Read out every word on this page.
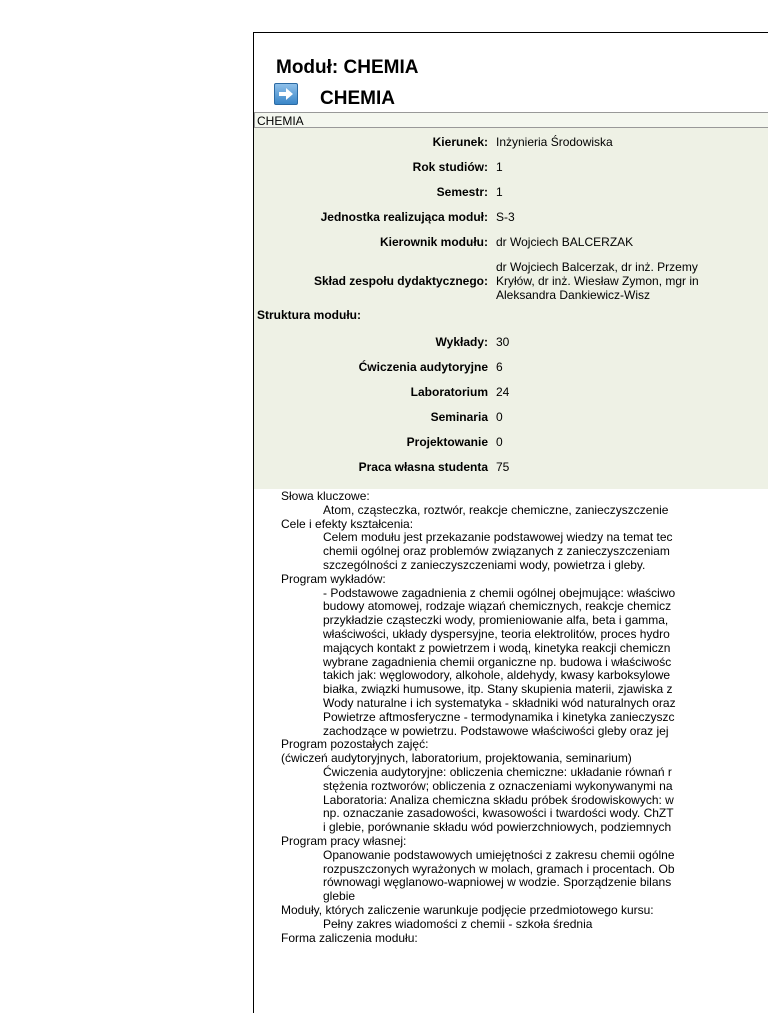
Moduł: CHEMIA
CHEMIA
CHEMIA
Kierunek: Inżynieria Środowiska
Rok studiów: 1
Semestr: 1
Jednostka realizująca moduł: S-3
Kierownik modułu: dr Wojciech BALCERZAK
Skład zespołu dydaktycznego:
dr Wojciech Balcerzak, dr inż. Przemy
Kryłów, dr inż. Wiesław Zymon, mgr in
Aleksandra Dankiewicz-Wisz
Struktura modułu:
Wykłady: 30
Ćwiczenia audytoryjne 6
Laboratorium 24
Seminaria 0
Projektowanie 0
Praca własna studenta 75
Słowa kluczowe:
Atom, cząsteczka, roztwór, reakcje chemiczne, zanieczyszczenie
Cele i efekty kształcenia:
Celem modułu jest przekazanie podstawowej wiedzy na temat tec
chemii ogólnej oraz problemów związanych z zanieczyszczeniam
szczególności z zanieczyszczeniami wody, powietrza i gleby.
Program wykładów:
- Podstawowe zagadnienia z chemii ogólnej obejmujące: właściwo
budowy atomowej, rodzaje wiązań chemicznych, reakcje chemicz
przykładzie cząsteczki wody, promieniowanie alfa, beta i gamma,
właściwości, układy dyspersyjne, teoria elektrolitów, proces hydro
mających kontakt z powietrzem i wodą, kinetyka reakcji chemiczn
wybrane zagadnienia chemii organiczne np. budowa i właściwośc
takich jak: węglowodory, alkohole, aldehydy, kwasy karboksylowe
białka, związki humusowe, itp. Stany skupienia materii, zjawiska z
Wody naturalne i ich systematyka - składniki wód naturalnych oraz
Powietrze aftmosferyczne - termodynamika i kinetyka zanieczyszc
zachodzące w powietrzu. Podstawowe właściwości gleby oraz jej
Program pozostałych zajęć:
(ćwiczeń audytoryjnych, laboratorium, projektowania, seminarium)
Ćwiczenia audytoryjne: obliczenia chemiczne: układanie równań r
stężenia roztworów; obliczenia z oznaczeniami wykonywanymi na
Laboratoria: Analiza chemiczna składu próbek środowiskowych: w
np. oznaczanie zasadowości, kwasowości i twardości wody. ChZT
i glebie, porównanie składu wód powierzchniowych, podziemnych
Program pracy własnej:
Opanowanie podstawowych umiejętności z zakresu chemii ogólne
rozpuszczonych wyrażonych w molach, gramach i procentach. Ob
równowagi węglanowo-wapniowej w wodzie. Sporządzenie bilans
glebie
Moduły, których zaliczenie warunkuje podjęcie przedmiotowego kursu:
Pełny zakres wiadomości z chemii - szkoła średnia
Forma zaliczenia modułu:
